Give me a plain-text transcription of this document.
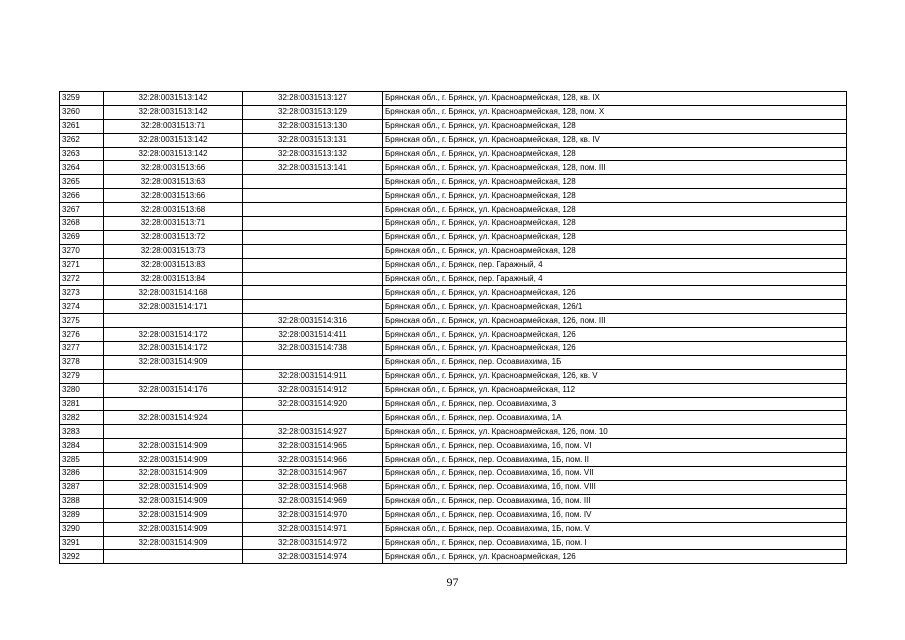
3259	32:28:0031513:142	32:28:0031513:127	Брянская обл., г. Брянск, ул. Красноармейская, 128, кв. IX
3260	32:28:0031513:142	32:28:0031513:129	Брянская обл., г. Брянск, ул. Красноармейская, 128, пом. X
3261	32:28:0031513:71	32:28:0031513:130	Брянская обл., г. Брянск, ул. Красноармейская, 128
3262	32:28:0031513:142	32:28:0031513:131	Брянская обл., г. Брянск, ул. Красноармейская, 128, кв. IV
3263	32:28:0031513:142	32:28:0031513:132	Брянская обл., г. Брянск, ул. Красноармейская, 128
3264	32:28:0031513:66	32:28:0031513:141	Брянская обл., г. Брянск, ул. Красноармейская, 128, пом. III
3265	32:28:0031513:63		Брянская обл., г. Брянск, ул. Красноармейская, 128
3266	32:28:0031513:66		Брянская обл., г. Брянск, ул. Красноармейская, 128
3267	32:28:0031513:68		Брянская обл., г. Брянск, ул. Красноармейская, 128
3268	32:28:0031513:71		Брянская обл., г. Брянск, ул. Красноармейская, 128
3269	32:28:0031513:72		Брянская обл., г. Брянск, ул. Красноармейская, 128
3270	32:28:0031513:73		Брянская обл., г. Брянск, ул. Красноармейская, 128
3271	32:28:0031513:83		Брянская обл., г. Брянск, пер. Гаражный, 4
3272	32:28:0031513:84		Брянская обл., г. Брянск, пер. Гаражный, 4
3273	32:28:0031514:168		Брянская обл., г. Брянск, ул. Красноармейская, 126
3274	32:28:0031514:171		Брянская обл., г. Брянск, ул. Красноармейская, 126/1
3275		32:28:0031514:316	Брянская обл., г. Брянск, ул. Красноармейская, 126, пом. III
3276	32:28:0031514:172	32:28:0031514:411	Брянская обл., г. Брянск, ул. Красноармейская, 126
3277	32:28:0031514:172	32:28:0031514:738	Брянская обл., г. Брянск, ул. Красноармейская, 126
3278	32:28:0031514:909		Брянская обл., г. Брянск, пер. Осоавиахима, 1Б
3279		32:28:0031514:911	Брянская обл., г. Брянск, ул. Красноармейская, 126, кв. V
3280	32:28:0031514:176	32:28:0031514:912	Брянская обл., г. Брянск, ул. Красноармейская, 112
3281		32:28:0031514:920	Брянская обл., г. Брянск, пер. Осоавиахима, 3
3282	32:28:0031514:924		Брянская обл., г. Брянск, пер. Осоавиахима, 1А
3283		32:28:0031514:927	Брянская обл., г. Брянск, ул. Красноармейская, 126, пом. 10
3284	32:28:0031514:909	32:28:0031514:965	Брянская обл., г. Брянск, пер. Осоавиахима, 1б, пом. VI
3285	32:28:0031514:909	32:28:0031514:966	Брянская обл., г. Брянск, пер. Осоавиахима, 1Б, пом. II
3286	32:28:0031514:909	32:28:0031514:967	Брянская обл., г. Брянск, пер. Осоавиахима, 1б, пом. VII
3287	32:28:0031514:909	32:28:0031514:968	Брянская обл., г. Брянск, пер. Осоавиахима, 1б, пом. VIII
3288	32:28:0031514:909	32:28:0031514:969	Брянская обл., г. Брянск, пер. Осоавиахима, 1б, пом. III
3289	32:28:0031514:909	32:28:0031514:970	Брянская обл., г. Брянск, пер. Осоавиахима, 1б, пом. IV
3290	32:28:0031514:909	32:28:0031514:971	Брянская обл., г. Брянск, пер. Осоавиахима, 1Б, пом. V
3291	32:28:0031514:909	32:28:0031514:972	Брянская обл., г. Брянск, пер. Осоавиахима, 1Б, пом. I
3292		32:28:0031514:974	Брянская обл., г. Брянск, ул. Красноармейская, 126
97
